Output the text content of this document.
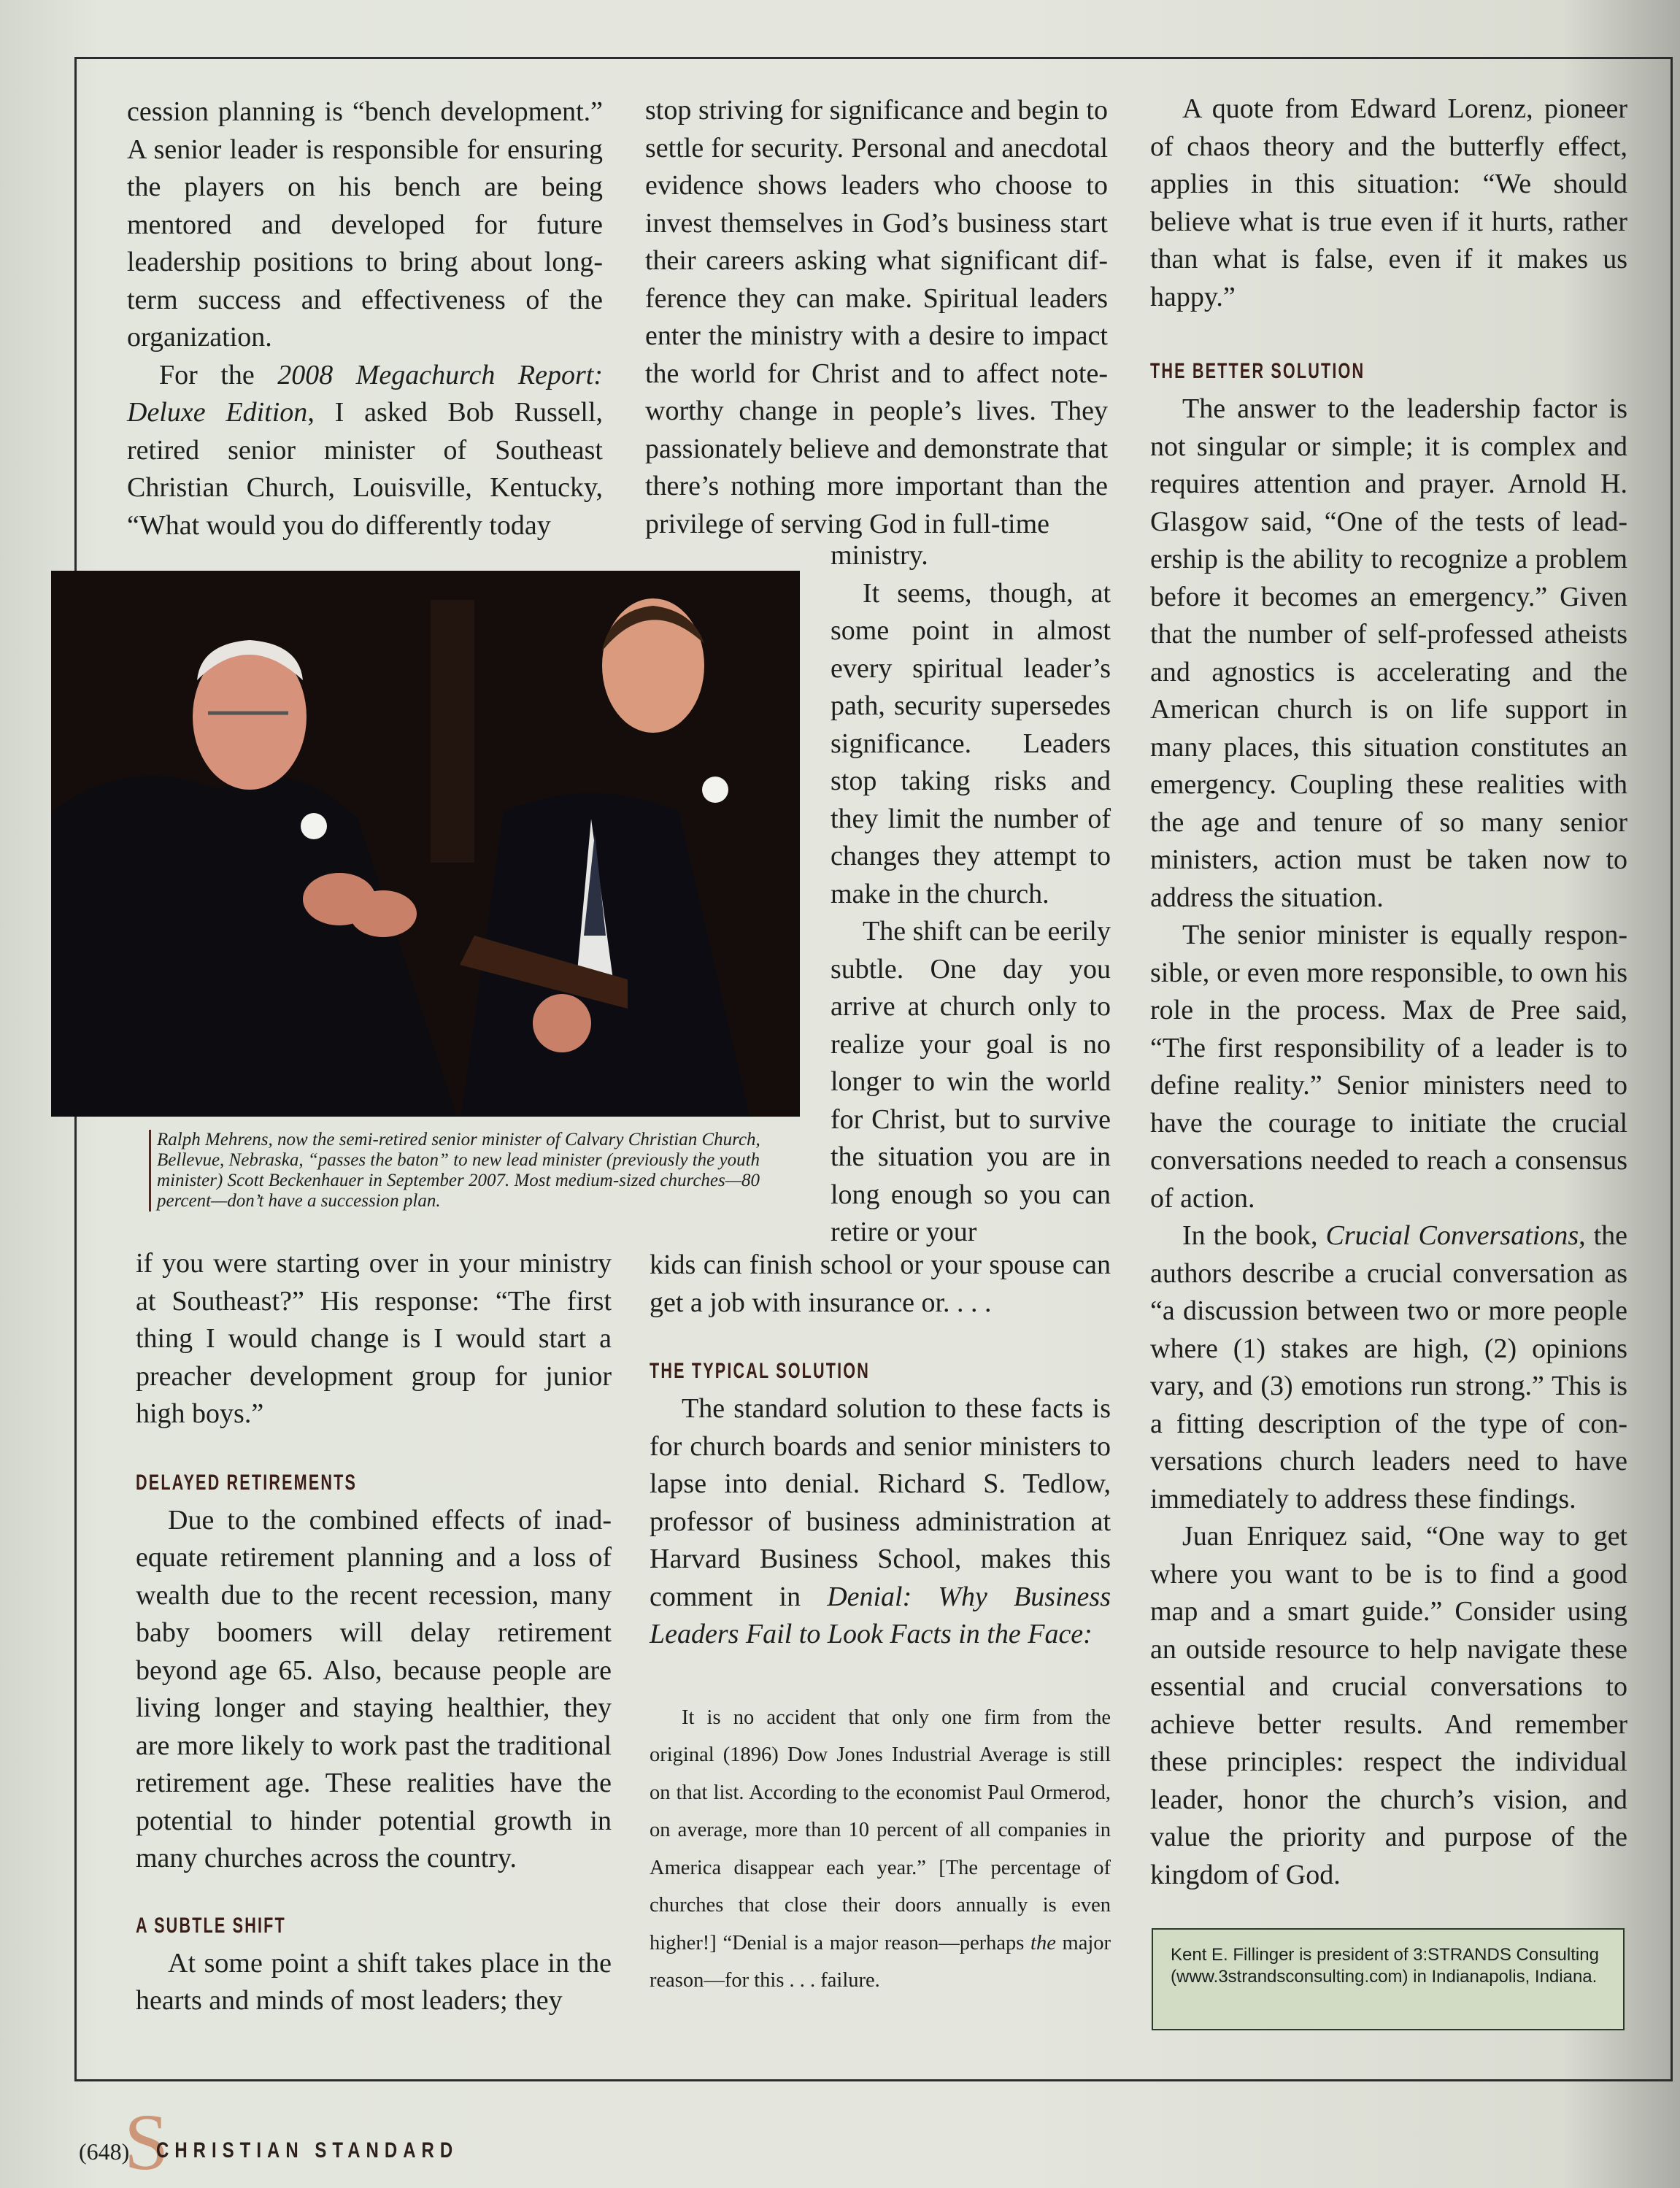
cession planning is “bench development.” A senior leader is responsible for ensuring the players on his bench are being mentored and developed for future leadership positions to bring about long-term success and effectiveness of the organization.

For the 2008 Megachurch Report: Deluxe Edition, I asked Bob Russell, retired senior minister of Southeast Christian Church, Louisville, Kentucky, “What would you do differently today

stop striving for significance and begin to settle for security. Personal and anecdotal evidence shows leaders who choose to invest themselves in God’s business start their careers asking what significant difference they can make. Spiritual leaders enter the ministry with a desire to impact the world for Christ and to affect noteworthy change in people’s lives. They passionately believe and demonstrate that there’s nothing more important than the privilege of serving God in full-time

ministry.

It seems, though, at some point in almost every spiritual leader’s path, security supersedes significance. Leaders stop taking risks and they limit the number of changes they attempt to make in the church.

The shift can be eerily subtle. One day you arrive at church only to realize your goal is no longer to win the world for Christ, but to survive the situation you are in long enough so you can retire or your

Ralph Mehrens, now the semi-retired senior minister of Calvary Christian Church, Bellevue, Nebraska, “passes the baton” to new lead minister (previously the youth minister) Scott Beckenhauer in September 2007. Most medium-sized churches—80 percent—don’t have a succession plan.

if you were starting over in your ministry at Southeast?” His response: “The first thing I would change is I would start a preacher development group for junior high boys.”

DELAYED RETIREMENTS

Due to the combined effects of inadequate retirement planning and a loss of wealth due to the recent recession, many baby boomers will delay retirement beyond age 65. Also, because people are living longer and staying healthier, they are more likely to work past the traditional retirement age. These realities have the potential to hinder potential growth in many churches across the country.

A SUBTLE SHIFT

At some point a shift takes place in the hearts and minds of most leaders; they

kids can finish school or your spouse can get a job with insurance or. . . .

THE TYPICAL SOLUTION

The standard solution to these facts is for church boards and senior ministers to lapse into denial. Richard S. Tedlow, professor of business administration at Harvard Business School, makes this comment in Denial: Why Business Leaders Fail to Look Facts in the Face:

It is no accident that only one firm from the original (1896) Dow Jones Industrial Average is still on that list. According to the economist Paul Ormerod, on average, more than 10 percent of all companies in America disappear each year.” [The percentage of churches that close their doors annually is even higher!] “Denial is a major reason—perhaps the major reason—for this . . . failure.

A quote from Edward Lorenz, pioneer of chaos theory and the butterfly effect, applies in this situation: “We should believe what is true even if it hurts, rather than what is false, even if it makes us happy.”

THE BETTER SOLUTION

The answer to the leadership factor is not singular or simple; it is complex and requires attention and prayer. Arnold H. Glasgow said, “One of the tests of leadership is the ability to recognize a problem before it becomes an emergency.” Given that the number of self-professed atheists and agnostics is accelerating and the American church is on life support in many places, this situation constitutes an emergency. Coupling these realities with the age and tenure of so many senior ministers, action must be taken now to address the situation.

The senior minister is equally responsible, or even more responsible, to own his role in the process. Max de Pree said, “The first responsibility of a leader is to define reality.” Senior ministers need to have the courage to initiate the crucial conversations needed to reach a consensus of action.

In the book, Crucial Conversations, the authors describe a crucial conversation as “a discussion between two or more people where (1) stakes are high, (2) opinions vary, and (3) emotions run strong.” This is a fitting description of the type of conversations church leaders need to have immediately to address these findings.

Juan Enriquez said, “One way to get where you want to be is to find a good map and a smart guide.” Consider using an outside resource to help navigate these essential and crucial conversations to achieve better results. And remember these principles: respect the individual leader, honor the church’s vision, and value the priority and purpose of the kingdom of God.

Kent E. Fillinger is president of 3:STRANDS Consulting (www.3strandsconsulting.com) in Indianapolis, Indiana.
S
(648) CHRISTIAN STANDARD
